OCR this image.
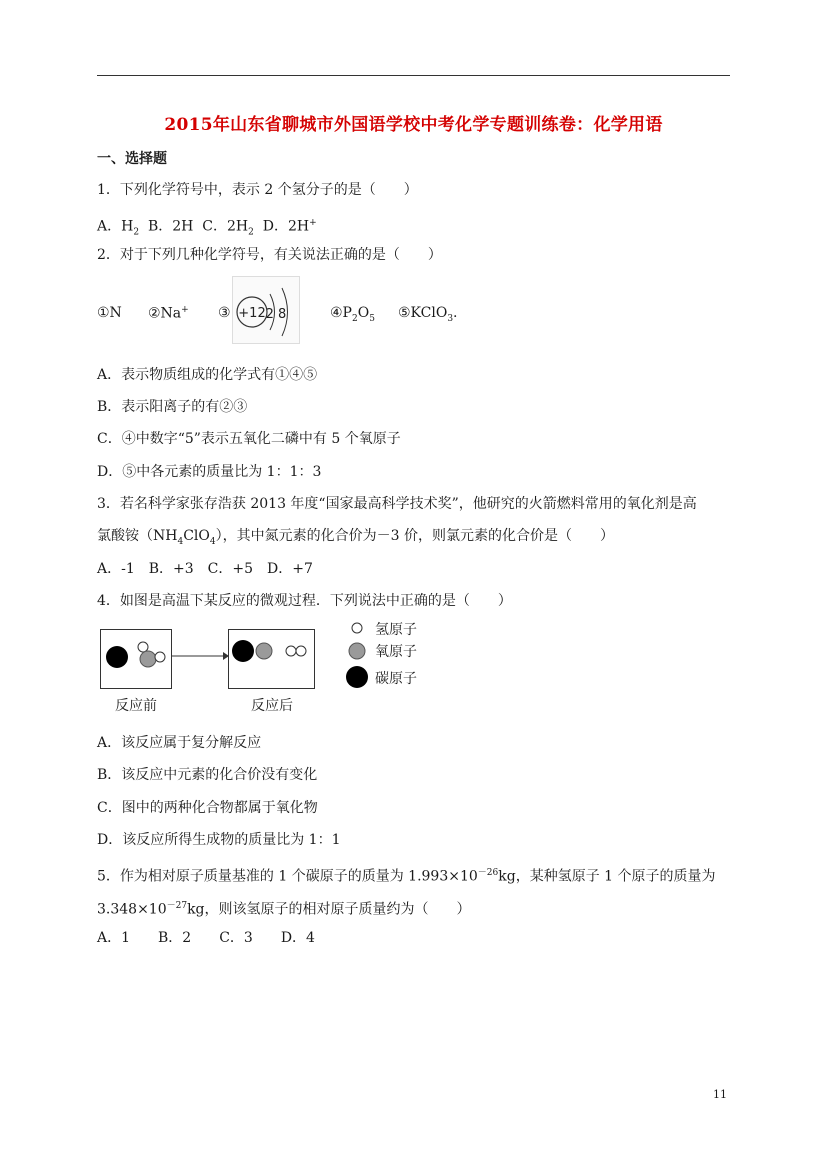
2015年山东省聊城市外国语学校中考化学专题训练卷：化学用语
一、选择题
1．下列化学符号中，表示 2 个氢分子的是（　　）
A．$H_2$ B．2H C．$2H_2$ D．2H+
2．对于下列几种化学符号，有关说法正确的是（　　）
①N ②Na+ ③ +12 2 8	$④P_2O_5$ ⑤KClO$_3$.
A．表示物质组成的化学式有①④⑤
B．表示阳离子的有②③
C．④中数字“5”表示五氧化二磷中有 5 个氧原子
D．⑤中各元素的质量比为 1：1：3
3．若名科学家张存浩获 2013 年度“国家最高科学技术奖”，他研究的火箭燃料常用的氧化剂是高
氯酸铵$(NH_4ClO_4)$，其中氮元素的化合价为－3 价，则氯元素的化合价是（　　）
A．-1　B．+3　C．+5　D．+7
4．如图是高温下某反应的微观过程．下列说法中正确的是（　　）
反应前	反应后
氢原子
氧原子
碳原子
A．该反应属于复分解反应
B．该反应中元素的化合价没有变化
C．图中的两种化合物都属于氧化物
D．该反应所得生成物的质量比为 1：1
5．作为相对原子质量基准的 1 个碳原子的质量为 $1.993\times 10^{-26}kg$，某种氢原子 1 个原子的质量为
$3.348\times 10^{-27}kg$，则该氢原子的相对原子质量约为（　　）
A．1　　B．2　　C．3　　D．4
11
